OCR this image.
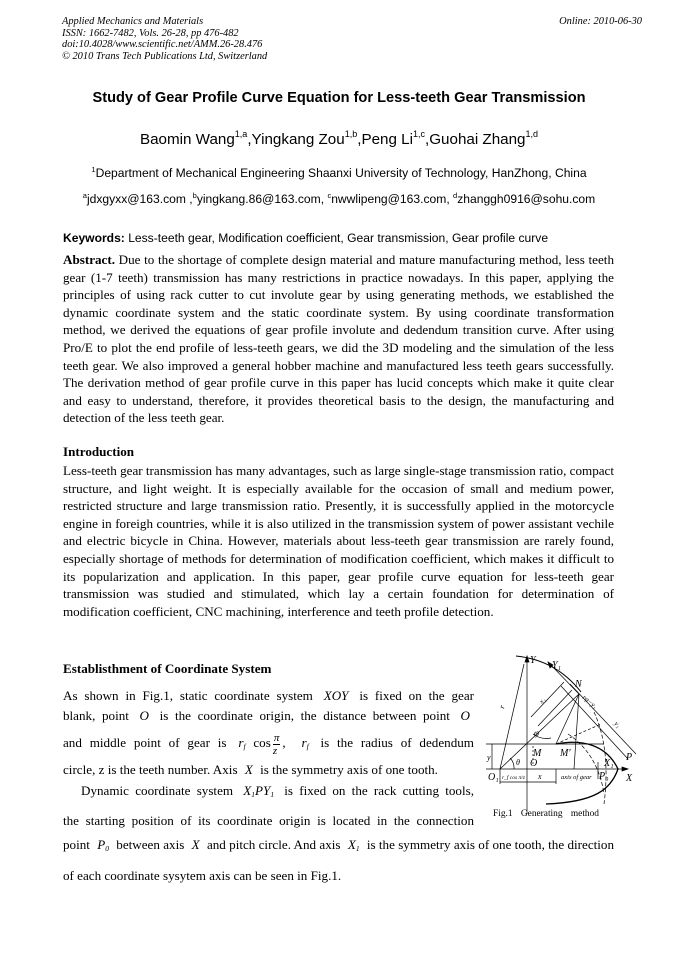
Applied Mechanics and Materials
ISSN: 1662-7482, Vols. 26-28, pp 476-482
doi:10.4028/www.scientific.net/AMM.26-28.476
© 2010 Trans Tech Publications Ltd, Switzerland
Online: 2010-06-30
Study of Gear Profile Curve Equation for Less-teeth Gear Transmission
Baomin Wang$^{1,a}$,Yingkang Zou$^{1,b}$,Peng Li$^{1,c}$,Guohai Zhang$^{1,d}$
$^1$Department of Mechanical Engineering Shaanxi University of Technology, HanZhong, China
$^a$jdxgyxx@163.com ,$^b$yingkang.86@163.com, $^c$nwwlipeng@163.com, $^d$zhanggh0916@sohu.com
Keywords: Less-teeth gear, Modification coefficient, Gear transmission, Gear profile curve
Abstract. Due to the shortage of complete design material and mature manufacturing method, less teeth gear (1-7 teeth) transmission has many restrictions in practice nowadays. In this paper, applying the principles of using rack cutter to cut involute gear by using generating methods, we established the dynamic coordinate system and the static coordinate system. By using coordinate transformation method, we derived the equations of gear profile involute and dedendum transition curve. After using Pro/E to plot the end profile of less-teeth gears, we did the 3D modeling and the simulation of the less teeth gear. We also improved a general hobber machine and manufactured less teeth gears successfully. The derivation method of gear profile curve in this paper has lucid concepts which make it quite clear and easy to understand, therefore, it provides theoretical basis to the design, the manufacturing and detection of the less teeth gear.
Introduction
Less-teeth gear transmission has many advantages, such as large single-stage transmission ratio, compact structure, and light weight. It is especially available for the occasion of small and medium power, restricted structure and large transmission ratio. Presently, it is successfully applied in the motorcycle engine in foreigh countries, while it is also utilized in the transmission system of power assistant vechile and electric bicycle in China. However, materials about less-teeth gear transmission are rarely found, especially shortage of methods for determination of modification coefficient, which makes it difficult to its popularization and application. In this paper, gear profile curve equation for less-teeth gear transmission was studied and stimulated, which lay a certain foundation for determination of modification coefficient, CNC machining, interference and teeth profile detection.
Establisthment of Coordinate System
As shown in Fig.1, static coordinate system XOY is fixed on the gear
blank, point O is the coordinate origin, the distance between point O
and middle point of gear is $r_f$ $\cos \frac{\pi}{z}$ , $r_f$ is the radius of dedendum
circle, z is the teeth number. Axis X is the symmetry axis of one tooth.
Dynamic coordinate system $X_1PY_1$ is fixed on the rack cutting tools,
the starting position of its coordinate origin is located in the connection
point $P_0$ between axis X and pitch circle. And axis $X_1$ is the symmetry axis of one tooth, the direction of each coordinate sysytem axis can be seen in Fig.1.
Y Y₁
N
rφ−y₁
y₁
x₁
r
φ
M M'
y
θ O	X₁
P
O₁ r_f cos π/z x	axis of gear P₀ X
Fig.1 Generating method
